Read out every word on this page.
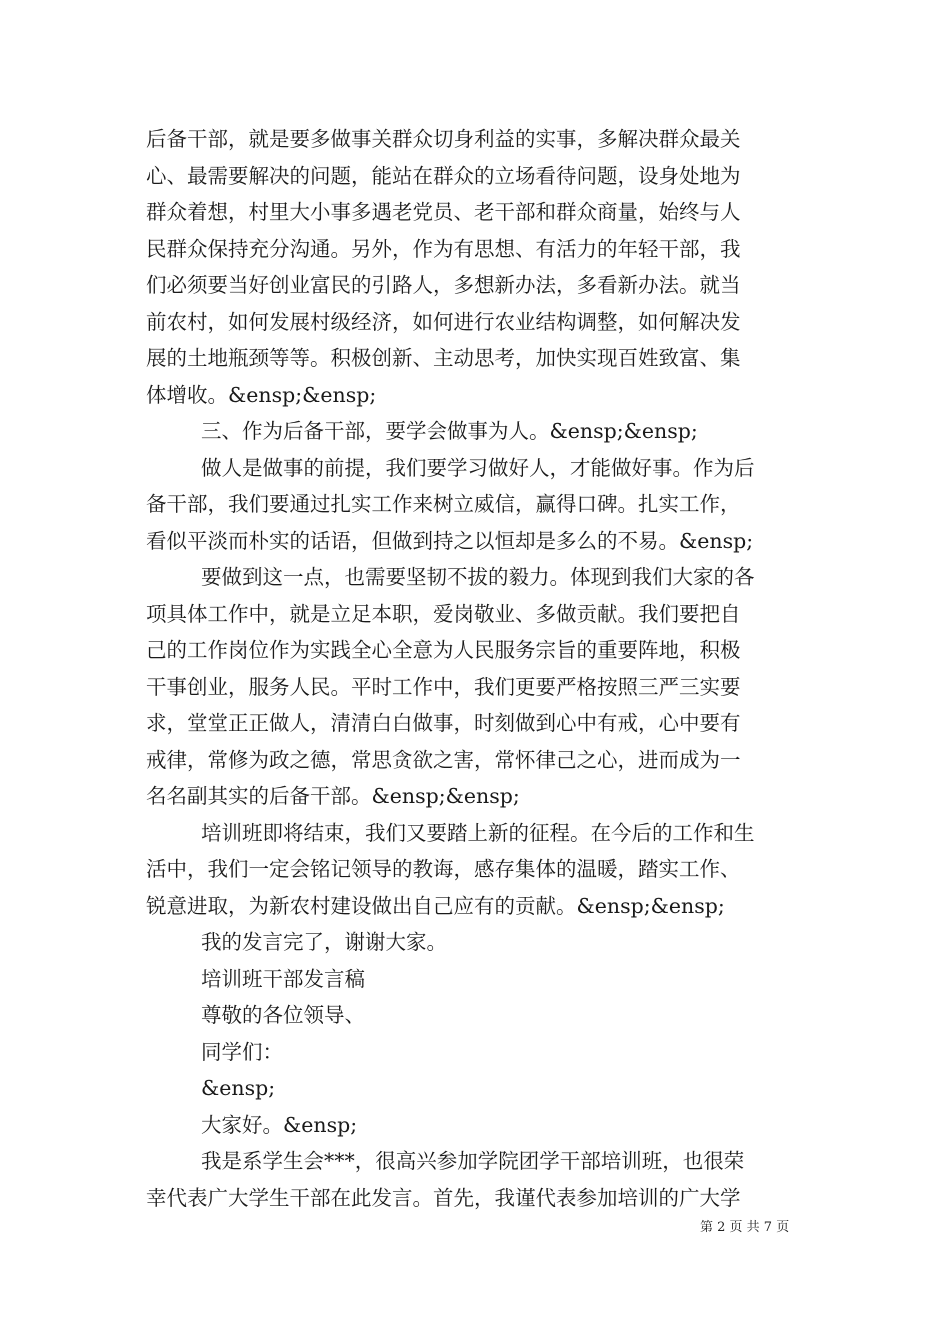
后备干部，就是要多做事关群众切身利益的实事，多解决群众最关
心、最需要解决的问题，能站在群众的立场看待问题，设身处地为
群众着想，村里大小事多遇老党员、老干部和群众商量，始终与人
民群众保持充分沟通。另外，作为有思想、有活力的年轻干部，我
们必须要当好创业富民的引路人，多想新办法，多看新办法。就当
前农村，如何发展村级经济，如何进行农业结构调整，如何解决发
展的土地瓶颈等等。积极创新、主动思考，加快实现百姓致富、集
体增收。&ensp;&ensp;
三、作为后备干部，要学会做事为人。&ensp;&ensp;
做人是做事的前提，我们要学习做好人，才能做好事。作为后
备干部，我们要通过扎实工作来树立威信，赢得口碑。扎实工作，
看似平淡而朴实的话语，但做到持之以恒却是多么的不易。&ensp;
要做到这一点，也需要坚韧不拔的毅力。体现到我们大家的各
项具体工作中，就是立足本职，爱岗敬业、多做贡献。我们要把自
己的工作岗位作为实践全心全意为人民服务宗旨的重要阵地，积极
干事创业，服务人民。平时工作中，我们更要严格按照三严三实要
求，堂堂正正做人，清清白白做事，时刻做到心中有戒，心中要有
戒律，常修为政之德，常思贪欲之害，常怀律己之心，进而成为一
名名副其实的后备干部。&ensp;&ensp;
培训班即将结束，我们又要踏上新的征程。在今后的工作和生
活中，我们一定会铭记领导的教诲，感存集体的温暖，踏实工作、
锐意进取，为新农村建设做出自己应有的贡献。&ensp;&ensp;
我的发言完了，谢谢大家。
培训班干部发言稿
尊敬的各位领导、
同学们：
&ensp;
大家好。&ensp;
我是系学生会***，很高兴参加学院团学干部培训班，也很荣
幸代表广大学生干部在此发言。首先，我谨代表参加培训的广大学
第 2 页 共 7 页
